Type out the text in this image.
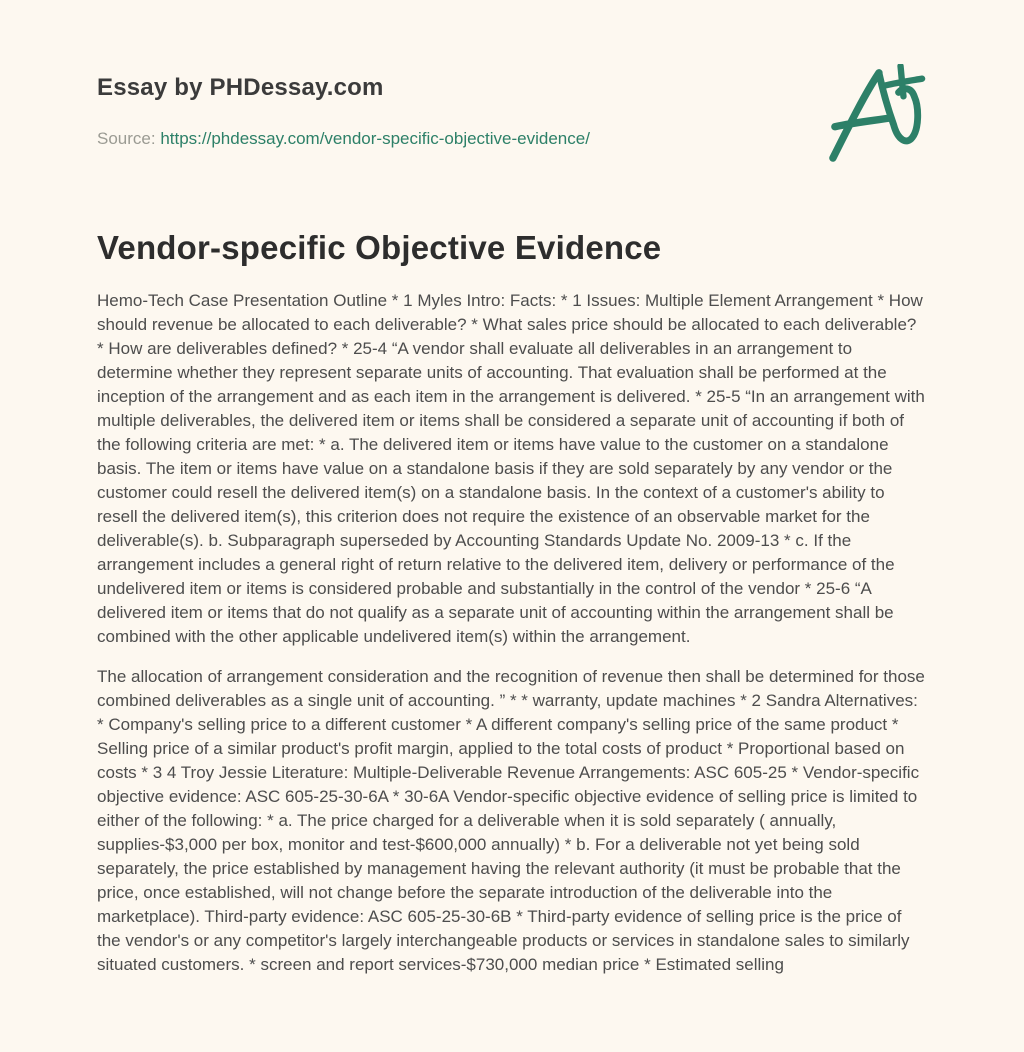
Essay by PHDessay.com
Source: https://phdessay.com/vendor-specific-objective-evidence/
Vendor-specific Objective Evidence

Hemo-Tech Case Presentation Outline * 1 Myles Intro: Facts: * 1 Issues: Multiple Element Arrangement * How should revenue be allocated to each deliverable? * What sales price should be allocated to each deliverable? * How are deliverables defined? * 25-4 “A vendor shall evaluate all deliverables in an arrangement to determine whether they represent separate units of accounting. That evaluation shall be performed at the inception of the arrangement and as each item in the arrangement is delivered. * 25-5 “In an arrangement with multiple deliverables, the delivered item or items shall be considered a separate unit of accounting if both of the following criteria are met: * a. The delivered item or items have value to the customer on a standalone basis. The item or items have value on a standalone basis if they are sold separately by any vendor or the customer could resell the delivered item(s) on a standalone basis. In the context of a customer's ability to resell the delivered item(s), this criterion does not require the existence of an observable market for the deliverable(s). b. Subparagraph superseded by Accounting Standards Update No. 2009-13 * c. If the arrangement includes a general right of return relative to the delivered item, delivery or performance of the undelivered item or items is considered probable and substantially in the control of the vendor * 25-6 “A delivered item or items that do not qualify as a separate unit of accounting within the arrangement shall be combined with the other applicable undelivered item(s) within the arrangement.

The allocation of arrangement consideration and the recognition of revenue then shall be determined for those combined deliverables as a single unit of accounting. ” * * warranty, update machines * 2 Sandra Alternatives: * Company's selling price to a different customer * A different company's selling price of the same product * Selling price of a similar product's profit margin, applied to the total costs of product * Proportional based on costs * 3 4 Troy Jessie Literature: Multiple-Deliverable Revenue Arrangements: ASC 605-25 * Vendor-specific objective evidence: ASC 605-25-30-6A * 30-6A Vendor-specific objective evidence of selling price is limited to either of the following: * a. The price charged for a deliverable when it is sold separately ( annually, supplies-$3,000 per box, monitor and test-$600,000 annually) * b. For a deliverable not yet being sold separately, the price established by management having the relevant authority (it must be probable that the price, once established, will not change before the separate introduction of the deliverable into the marketplace). Third-party evidence: ASC 605-25-30-6B * Third-party evidence of selling price is the price of the vendor's or any competitor's largely interchangeable products or services in standalone sales to similarly situated customers. * screen and report services-$730,000 median price * Estimated selling
